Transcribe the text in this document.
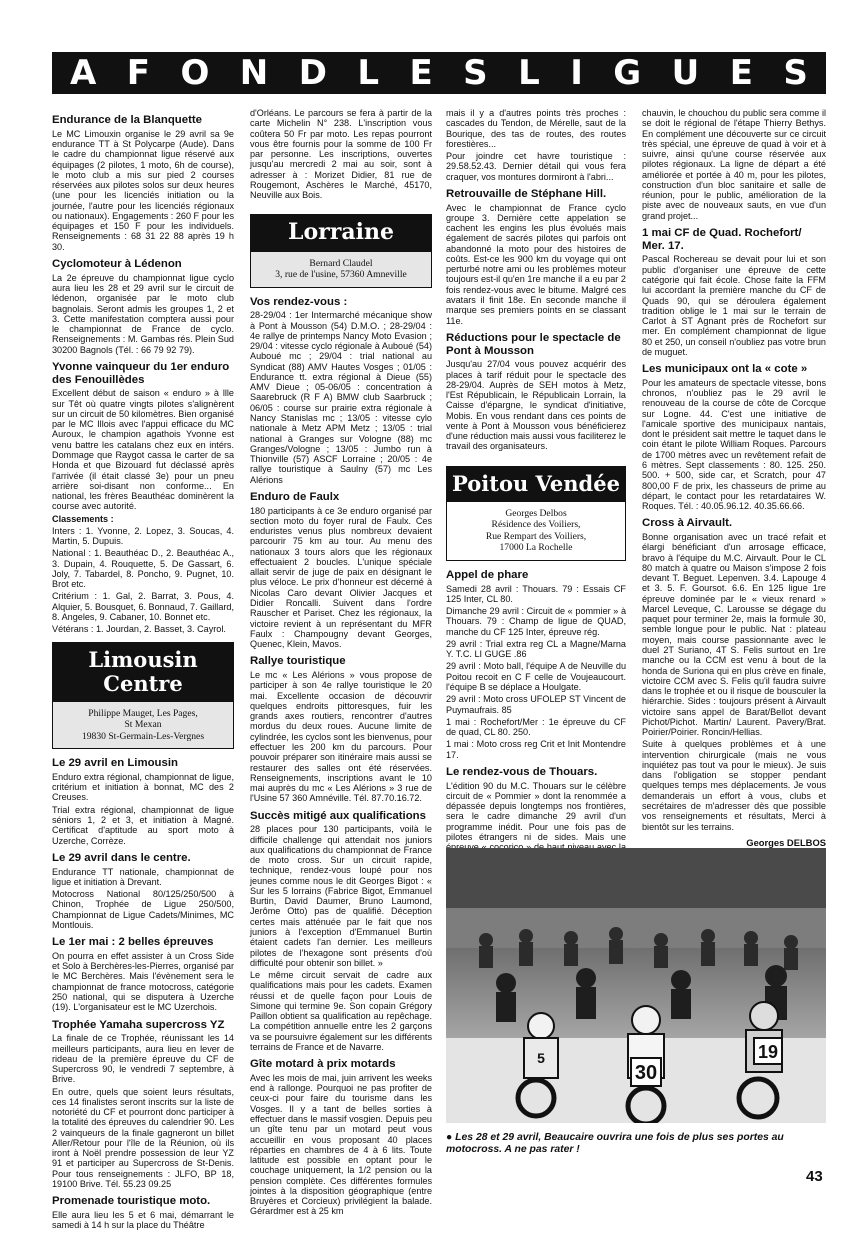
A F O N D L E S L I G U E S
Endurance de la Blanquette

Le MC Limouxin organise le 29 avril sa 9e endurance TT à St Polycarpe (Aude). Dans le cadre du championnat ligue réservé aux équipages (2 pilotes, 1 moto, 6h de course), le moto club a mis sur pied 2 courses réservées aux pilotes solos sur deux heures (une pour les licenciés initiation ou la journée, l'autre pour les licenciés régionaux ou nationaux). Engagements : 260 F pour les équipages et 150 F pour les individuels. Renseignements : 68 31 22 88 après 19 h 30.

Cyclomoteur à Lédenon

La 2e épreuve du championnat ligue cyclo aura lieu les 28 et 29 avril sur le circuit de lédenon, organisée par le moto club bagnolais. Seront admis les groupes 1, 2 et 3. Cette manifestation comptera aussi pour le championnat de France de cyclo. Renseignements : M. Gambas rés. Plein Sud 30200 Bagnols (Tél. : 66 79 92 79).

Yvonne vainqueur du 1er enduro des Fenouillèdes

Excellent début de saison « enduro » à llle sur Têt où quatre vingts pilotes s'alignèrent sur un circuit de 50 kilomètres. Bien organisé par le MC Illois avec l'appui efficace du MC Auroux, le champion agathois Yvonne est venu battre les catalans chez eux en intérs. Dommage que Raygot cassa le carter de sa Honda et que Bizouard fut déclassé après l'arrivée (il était classé 3e) pour un pneu arrière soi-disant non conforme... En national, les frères Beauthéac dominèrent la course avec autorité.

Classements :

Inters : 1. Yvonne, 2. Lopez, 3. Soucas, 4. Martin, 5. Dupuis.

National : 1. Beauthéac D., 2. Beauthéac A., 3. Dupain, 4. Rouquette, 5. De Gassart, 6. Joly, 7. Tabardel, 8. Poncho, 9. Pugnet, 10. Brot etc.

Critérium : 1. Gal, 2. Barrat, 3. Pous, 4. Alquier, 5. Bousquet, 6. Bonnaud, 7. Gaillard, 8. Angeles, 9. Cabaner, 10. Bonnet etc.

Vétérans : 1. Jourdan, 2. Basset, 3. Cayrol.

Limousin Centre
Philippe Mauget, Les Pages,
St Mexan
19830 St-Germain-Les-Vergnes
Le 29 avril en Limousin

Enduro extra régional, championnat de ligue, critérium et initiation à bonnat, MC des 2 Creuses.

Trial extra régional, championnat de ligue séniors 1, 2 et 3, et initiation à Magné. Certificat d'aptitude au sport moto à Uzerche, Corrèze.

Le 29 avril dans le centre.

Endurance TT nationale, championnat de ligue et initiation à Drevant.

Motocross National 80/125/250/500 à Chinon, Trophée de Ligue 250/500, Championnat de Ligue Cadets/Minimes, MC Montlouis.

Le 1er mai : 2 belles épreuves

On pourra en effet assister à un Cross Side et Solo à Berchères-les-Pierres, organisé par le MC Berchères. Mais l'évènement sera le championnat de france motocross, catégorie 250 national, qui se disputera à Uzerche (19). L'organisateur est le MC Uzerchois.

Trophée Yamaha supercross YZ

La finale de ce Trophée, réunissant les 14 meilleurs participants, aura lieu en lever de rideau de la première épreuve du CF de Supercross 90, le vendredi 7 septembre, à Brive.

En outre, quels que soient leurs résultats, ces 14 finalistes seront inscrits sur la liste de notoriété du CF et pourront donc participer à la totalité des épreuves du calendrier 90. Les 2 vainqueurs de la finale gagneront un billet Aller/Retour pour l'île de la Réunion, où ils iront à Noël prendre possession de leur YZ 91 et participer au Supercross de St-Denis. Pour tous renseignements : JLFO, BP 18, 19100 Brive. Tél. 55.23 09.25

Promenade touristique moto.

Elle aura lieu les 5 et 6 mai, démarrant le samedi à 14 h sur la place du Théâtre

d'Orléans. Le parcours se fera à partir de la carte Michelin N° 238. L'inscription vous coûtera 50 Fr par moto. Les repas pourront vous être fournis pour la somme de 100 Fr par personne. Les inscriptions, ouvertes jusqu'au mercredi 2 mai au soir, sont à adresser à : Morizet Didier, 81 rue de Rougemont, Aschères le Marché, 45170, Neuville aux Bois.

Lorraine
Bernard Claudel
3, rue de l'usine, 57360 Amneville
Vos rendez-vous :

28-29/04 : 1er Intermarché mécanique show à Pont à Mousson (54) D.M.O. ; 28-29/04 : 4e rallye de printemps Nancy Moto Evasion ; 29/04 : vitesse cyclo régionale à Auboué (54) Auboué mc ; 29/04 : trial national au Syndicat (88) AMV Hautes Vosges ; 01/05 : Endurance tt. extra régional à Dieue (55) AMV Dieue ; 05-06/05 : concentration à Saarebruck (R F A) BMW club Saarbruck ; 06/05 : course sur prairie extra régionale à Nancy Stanislas mc ; 13/05 : vitesse cylo nationale à Metz APM Metz ; 13/05 : trial national à Granges sur Vologne (88) mc Granges/Vologne ; 13/05 : Jumbo run à Thionville (57) ASCF Lorraine ; 20/05 : 4e rallye touristique à Saulny (57) mc Les Alérions

Enduro de Faulx

180 participants à ce 3e enduro organisé par section moto du foyer rural de Faulx. Ces enduristes venus plus nombreux devaient parcourir 75 km au tour. Au menu des nationaux 3 tours alors que les régionaux effectuaient 2 boucles. L'unique spéciale allait servir de juge de paix en désignant le plus véloce. Le prix d'honneur est décerné à Nicolas Caro devant Olivier Jacques et Didier Roncalli. Suivent dans l'ordre Rauscher et Pariset. Chez les régionaux, la victoire revient à un représentant du MFR Faulx : Champougny devant Georges, Quenec, Klein, Mavos.

Rallye touristique

Le mc « Les Alérions » vous propose de participer à son 4e rallye touristique le 20 mai. Excellente occasion de découvrir quelques endroits pittoresques, fuir les grands axes routiers, rencontrer d'autres mordus du deux roues. Aucune limite de cylindrée, les cyclos sont les bienvenus, pour effectuer les 200 km du parcours. Pour pouvoir préparer son itinéraire mais aussi se restaurer des salles ont été réservées. Renseignements, inscriptions avant le 10 mai auprès du mc « Les Alérions » 3 rue de l'Usine 57 360 Amnéville. Tél. 87.70.16.72.

Succès mitigé aux qualifications

28 places pour 130 participants, voilà le difficile challenge qui attendait nos juniors aux qualifications du championnat de France de moto cross. Sur un circuit rapide, technique, rendez-vous loupé pour nos jeunes comme nous le dit Georges Bigot : « Sur les 5 lorrains (Fabrice Bigot, Emmanuel Burtin, David Daumer, Bruno Laumond, Jerôme Otto) pas de qualifié. Déception certes mais atténuée par le fait que nos juniors à l'exception d'Emmanuel Burtin étaient cadets l'an dernier. Les meilleurs pilotes de l'hexagone sont présents d'où difficulté pour obtenir son billet. »

Le même circuit servait de cadre aux qualifications mais pour les cadets. Examen réussi et de quelle façon pour Louis de Simone qui termine 9e. Son copain Grégory Paillon obtient sa qualification au repêchage. La compétition annuelle entre les 2 garçons va se poursuivre également sur les différents terrains de France et de Navarre.

Gîte motard à prix motards

Avec les mois de mai, juin arrivent les weeks end à rallonge. Pourquoi ne pas profiter de ceux-ci pour faire du tourisme dans les Vosges. Il y a tant de belles sorties à effectuer dans le massif vosgien. Depuis peu un gîte tenu par un motard peut vous accueillir en vous proposant 40 places réparties en chambres de 4 à 6 lits. Toute latitude est possible en optant pour le couchage uniquement, la 1/2 pension ou la pension complète. Ces différentes formules jointes à la disposition géographique (entre Bruyères et Corcieux) privilégient la balade. Gérardmer est à 25 km

mais il y a d'autres points très proches : cascades du Tendon, de Mérelle, saut de la Bourique, des tas de routes, des routes forestières...

Pour joindre cet havre touristique : 29.58.52.43. Dernier détail qui vous fera craquer, vos montures dormiront à l'abri...

Retrouvaille de Stéphane Hill.

Avec le championnat de France cyclo groupe 3. Dernière cette appelation se cachent les engins les plus évolués mais également de sacrés pilotes qui parfois ont abandonné la moto pour des histoires de coûts. Est-ce les 900 km du voyage qui ont perturbé notre ami ou les problèmes moteur toujours est-il qu'en 1re manche il a eu par 2 fois rendez-vous avec le bitume. Malgré ces avatars il finit 18e. En seconde manche il marque ses premiers points en se classant 11e.

Réductions pour le spectacle de Pont à Mousson

Jusqu'au 27/04 vous pouvez acquérir des places à tarif réduit pour le spectacle des 28-29/04. Auprès de SEH motos à Metz, l'Est Républicain, le Républicain Lorrain, la Caisse d'épargne, le syndicat d'initiative, Mobis. En vous rendant dans ces points de vente à Pont à Mousson vous bénéficierez d'une réduction mais aussi vous faciliterez le travail des organisateurs.

Poitou Vendée
Georges Delbos
Résidence des Voiliers,
Rue Rempart des Voiliers,
17000 La Rochelle
Appel de phare

Samedi 28 avril : Thouars. 79 : Essais CF 125 Inter, CL 80.

Dimanche 29 avril : Circuit de « pommier » à Thouars. 79 : Champ de ligue de QUAD, manche du CF 125 Inter, épreuve rég.

29 avril : Trial extra reg CL a Magne/Marna Y. T.C. LI GUGE .86

29 avril : Moto ball, l'équipe A de Neuville du Poitou recoit en C F celle de Voujeaucourt. l'équipe B se déplace a Houlgate.

29 avril : Moto cross UFOLEP ST Vincent de Puymaufrais. 85

1 mai : Rochefort/Mer : 1e épreuve du CF de quad, CL 80. 250.

1 mai : Moto cross reg Crit et Init Montendre 17.

Le rendez-vous de Thouars.

L'édition 90 du M.C. Thouars sur le célèbre circuit de « Pommier » dont la renommée a dépassée depuis longtemps nos frontières, sera le cadre dimanche 29 avril d'un programme inédit. Pour une fois pas de pilotes étrangers ni de sides. Mais une

chauvin, le chouchou du public sera comme il se doit le régional de l'étape Thierry Bethys. En complément une découverte sur ce circuit très spécial, une épreuve de quad à voir et à suivre, ainsi qu'une course réservée aux pilotes régionaux. La ligne de départ a été améliorée et portée à 40 m, pour les pilotes, construction d'un bloc sanitaire et salle de réunion, pour le public, amélioration de la piste avec de nouveaux sauts, en vue d'un grand projet...

1 mai CF de Quad. Rochefort/ Mer. 17.

Pascal Rochereau se devait pour lui et son public d'organiser une épreuve de cette catégorie qui fait école. Chose faite la FFM lui accordant la première manche du CF de Quads 90, qui se déroulera également tradition oblige le 1 mai sur le terrain de Carlot à ST Agnant près de Rochefort sur mer. En complément championnat de ligue 80 et 250, un conseil n'oubliez pas votre brun de muguet.

Les municipaux ont la « cote »

Pour les amateurs de spectacle vitesse, bons chronos, n'oubliez pas le 29 avril le renouveau de la course de côte de Corcque sur Logne. 44. C'est une initiative de l'amicale sportive des municipaux nantais, dont le président sait mettre le taquet dans le coin étant le pilote William Roques. Parcours de 1700 mètres avec un revêtement refait de 6 mètres. Sept classements : 80. 125. 250. 500. + 500, side car, et Scratch, pour 47 800,00 F de prix, les chasseurs de prime au départ, le contact pour les retardataires W. Roques. Tél. : 40.05.96.12. 40.35.66.66.

Cross à Airvault.

Bonne organisation avec un tracé refait et élargi bénéficiant d'un arrosage efficace, bravo à l'équipe du M.C. Airvault. Pour le CL 80 match à quatre ou Maison s'impose 2 fois devant T. Beguet. Lepenven. 3.4. Lapouge 4 et 3. 5. F. Goursot. 6.6. En 125 ligue 1re épreuve dominée par le « vieux renard » Marcel Leveque, C. Larousse se dégage du paquet pour terminer 2e, mais la formule 30, semble longue pour le public. Nat : plateau moyen, mais course passionnante avec le duel 2T Suriano, 4T S. Felis surtout en 1re manche ou la CCM est venu à bout de la honda de Suriona qui en plus crève en finale, victoire CCM avec S. Felis qu'il faudra suivre dans le trophée et ou il risque de bousculer la hiérarchie. Sides : toujours présent à Airvault victoire sans appel de Barat/Bellot devant Pichot/Pichot. Martin/ Laurent. Pavery/Brat. Poirier/Poirier. Roncin/Hellias.

Suite à quelques problèmes et à une intervention chirurgicale (mais ne vous inquiétez pas tout va pour le mieux). Je suis dans l'obligation se stopper pendant quelques temps mes déplacements. Je vous demanderais un effort à vous, clubs et secrétaires de m'adresser dès que possible vos renseignements et résultats, Merci à bientôt sur les terrains.

Georges DELBOS
30
19
5
● Les 28 et 29 avril, Beaucaire ouvrira une fois de plus ses portes au motocross. A ne pas rater !
43
